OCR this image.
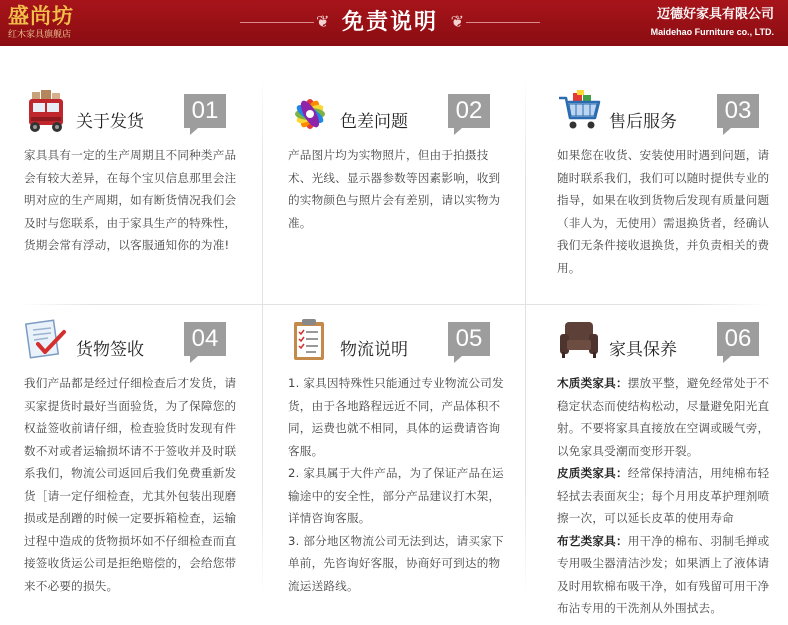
盛尚坊
红木家具旗舰店
❦ 免责说明 ❦	迈德好家具有限公司
Maidehao Furniture co., LTD.
关于发货	01

家具具有一定的生产周期且不同种类产品会有较大差异，在每个宝贝信息那里会注明对应的生产周期，如有断货情况我们会及时与您联系，由于家具生产的特殊性，货期会常有浮动，以客服通知你的为准!

色差问题	02

产品图片均为实物照片，但由于拍摄技术、光线、显示器参数等因素影响，收到的实物颜色与照片会有差别，请以实物为准。

售后服务	03

如果您在收货、安装使用时遇到问题，请随时联系我们，我们可以随时提供专业的指导，如果在收到货物后发现有质量问题（非人为，无使用）需退换货者，经确认我们无条件接收退换货，并负责相关的费用。

货物签收	04

我们产品都是经过仔细检查后才发货，请买家提货时最好当面验货，为了保障您的权益签收前请仔细，检查验货时发现有件数不对或者运输损坏请不于签收并及时联系我们，物流公司返回后我们免费重新发货［请一定仔细检查，尤其外包装出现磨损或是刮蹭的时候一定要拆箱检查，运输过程中造成的货物损坏如不仔细检查而直接签收货运公司是拒绝赔偿的，会给您带来不必要的损失。

物流说明	05

1. 家具因特殊性只能通过专业物流公司发货，由于各地路程远近不同，产品体积不同，运费也就不相同，具体的运费请咨询客服。

2. 家具属于大件产品，为了保证产品在运输途中的安全性，部分产品建议打木架，详情咨询客服。

3. 部分地区物流公司无法到达，请买家下单前，先咨询好客服，协商好可到达的物流运送路线。

家具保养	06

木质类家具：摆放平整，避免经常处于不稳定状态而使结构松动，尽量避免阳光直射。不要将家具直接放在空调或暖气旁，以免家具受潮而变形开裂。

皮质类家具：经常保持清洁，用纯棉布轻轻拭去表面灰尘；每个月用皮革护理剂喷擦一次，可以延长皮革的使用寿命

布艺类家具：用干净的棉布、羽制毛掸或专用吸尘器清洁沙发；如果洒上了液体请及时用软棉布吸干净，如有残留可用干净布沾专用的干洗剂从外围拭去。
